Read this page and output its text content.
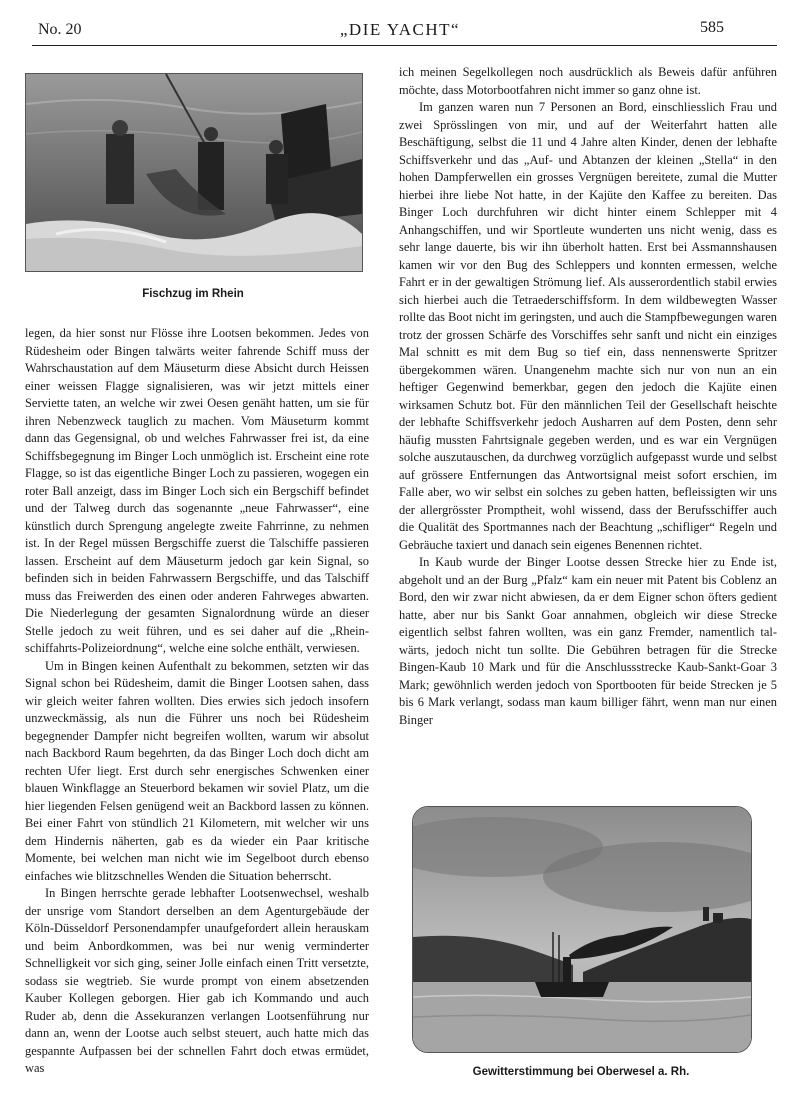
No. 20	„DIE YACHT“	585
Fischzug im Rhein

legen, da hier sonst nur Flösse ihre Lootsen bekommen. Jedes von Rüdesheim oder Bingen talwärts weiter fahrende Schiff muss der Wahrschaustation auf dem Mäuseturm diese Absicht durch Heissen einer weissen Flagge signalisieren, was wir jetzt mittels einer Serviette taten, an welche wir zwei Oesen genäht hatten, um sie für ihren Nebenzweck tauglich zu machen. Vom Mäuseturm kommt dann das Gegensignal, ob und welches Fahrwasser frei ist, da eine Schiffsbegegnung im Binger Loch unmöglich ist. Erscheint eine rote Flagge, so ist das eigentliche Binger Loch zu passieren, wogegen ein roter Ball anzeigt, dass im Binger Loch sich ein Bergschiff befindet und der Talweg durch das sogenannte „neue Fahrwasser“, eine künstlich durch Sprengung angelegte zweite Fahrrinne, zu nehmen ist. In der Regel müssen Bergschiffe zuerst die Talschiffe passieren lassen. Erscheint auf dem Mäuseturm jedoch gar kein Signal, so befinden sich in beiden Fahrwassern Bergschiffe, und das Talschiff muss das Freiwerden des einen oder anderen Fahrweges abwarten. Die Niederlegung der gesamten Signalordnung würde an dieser Stelle jedoch zu weit führen, und es sei daher auf die „Rheinschiffahrts-Polizeiordnung“, welche eine solche enthält, verwiesen.

Um in Bingen keinen Aufenthalt zu bekommen, setzten wir das Signal schon bei Rüdesheim, damit die Binger Lootsen sahen, dass wir gleich weiter fahren wollten. Dies erwies sich jedoch insofern unzweckmässig, als nun die Führer uns noch bei Rüdesheim begegnender Dampfer nicht begreifen wollten, warum wir absolut nach Backbord Raum begehrten, da das Binger Loch doch dicht am rechten Ufer liegt. Erst durch sehr energisches Schwenken einer blauen Winkflagge an Steuerbord bekamen wir soviel Platz, um die hier liegenden Felsen genügend weit an Backbord lassen zu können. Bei einer Fahrt von stündlich 21 Kilometern, mit welcher wir uns dem Hindernis näherten, gab es da wieder ein Paar kritische Momente, bei welchen man nicht wie im Segelboot durch ebenso einfaches wie blitzschnelles Wenden die Situation beherrscht.

In Bingen herrschte gerade lebhafter Lootsenwechsel, weshalb der unsrige vom Standort derselben an dem Agenturgebäude der Köln-Düsseldorf Personendampfer unaufgefordert allein herauskam und beim Anbordkommen, was bei nur wenig verminderter Schnelligkeit vor sich ging, seiner Jolle einfach einen Tritt versetzte, sodass sie wegtrieb. Sie wurde prompt von einem absetzenden Kauber Kollegen geborgen. Hier gab ich Kommando und auch Ruder ab, denn die Assekuranzen verlangen Lootsenführung nur dann an, wenn der Lootse auch selbst steuert, auch hatte mich das gespannte Aufpassen bei der schnellen Fahrt doch etwas ermüdet, was

ich meinen Segelkollegen noch ausdrücklich als Beweis dafür anführen möchte, dass Motorbootfahren nicht immer so ganz ohne ist.

Im ganzen waren nun 7 Personen an Bord, einschliesslich Frau und zwei Sprösslingen von mir, und auf der Weiterfahrt hatten alle Beschäftigung, selbst die 11 und 4 Jahre alten Kinder, denen der lebhafte Schiffsverkehr und das „Auf- und Abtanzen der kleinen „Stella“ in den hohen Dampferwellen ein grosses Vergnügen bereitete, zumal die Mutter hierbei ihre liebe Not hatte, in der Kajüte den Kaffee zu bereiten. Das Binger Loch durchfuhren wir dicht hinter einem Schlepper mit 4 Anhangschiffen, und wir Sportleute wunderten uns nicht wenig, dass es sehr lange dauerte, bis wir ihn überholt hatten. Erst bei Assmannshausen kamen wir vor den Bug des Schleppers und konnten ermessen, welche Fahrt er in der gewaltigen Strömung lief. Als ausserordentlich stabil erwies sich hierbei auch die Tetraederschiffsform. In dem wildbewegten Wasser rollte das Boot nicht im geringsten, und auch die Stampfbewegungen waren trotz der grossen Schärfe des Vorschiffes sehr sanft und nicht ein einziges Mal schnitt es mit dem Bug so tief ein, dass nennenswerte Spritzer übergekommen wären. Unangenehm machte sich nur von nun an ein heftiger Gegenwind bemerkbar, gegen den jedoch die Kajüte einen wirksamen Schutz bot. Für den männlichen Teil der Gesellschaft heischte der lebhafte Schiffsverkehr jedoch Ausharren auf dem Posten, denn sehr häufig mussten Fahrtsignale gegeben werden, und es war ein Vergnügen solche auszutauschen, da durchweg vorzüglich aufgepasst wurde und selbst auf grössere Entfernungen das Antwortsignal meist sofort erschien, im Falle aber, wo wir selbst ein solches zu geben hatten, befleissigten wir uns der allergrösster Promptheit, wohl wissend, dass der Berufsschiffer auch die Qualität des Sportmannes nach der Beachtung „schifliger“ Regeln und Gebräuche taxiert und danach sein eigenes Benennen richtet.

In Kaub wurde der Binger Lootse dessen Strecke hier zu Ende ist, abgeholt und an der Burg „Pfalz“ kam ein neuer mit Patent bis Coblenz an Bord, den wir zwar nicht abwiesen, da er dem Eigner schon öfters gedient hatte, aber nur bis Sankt Goar annahmen, obgleich wir diese Strecke eigentlich selbst fahren wollten, was ein ganz Fremder, namentlich talwärts, jedoch nicht tun sollte. Die Gebühren betragen für die Strecke Bingen-Kaub 10 Mark und für die Anschlussstrecke Kaub-Sankt-Goar 3 Mark; gewöhnlich werden jedoch von Sportbooten für beide Strecken je 5 bis 6 Mark verlangt, sodass man kaum billiger fährt, wenn man nur einen Binger

Gewitterstimmung bei Oberwesel a. Rh.
